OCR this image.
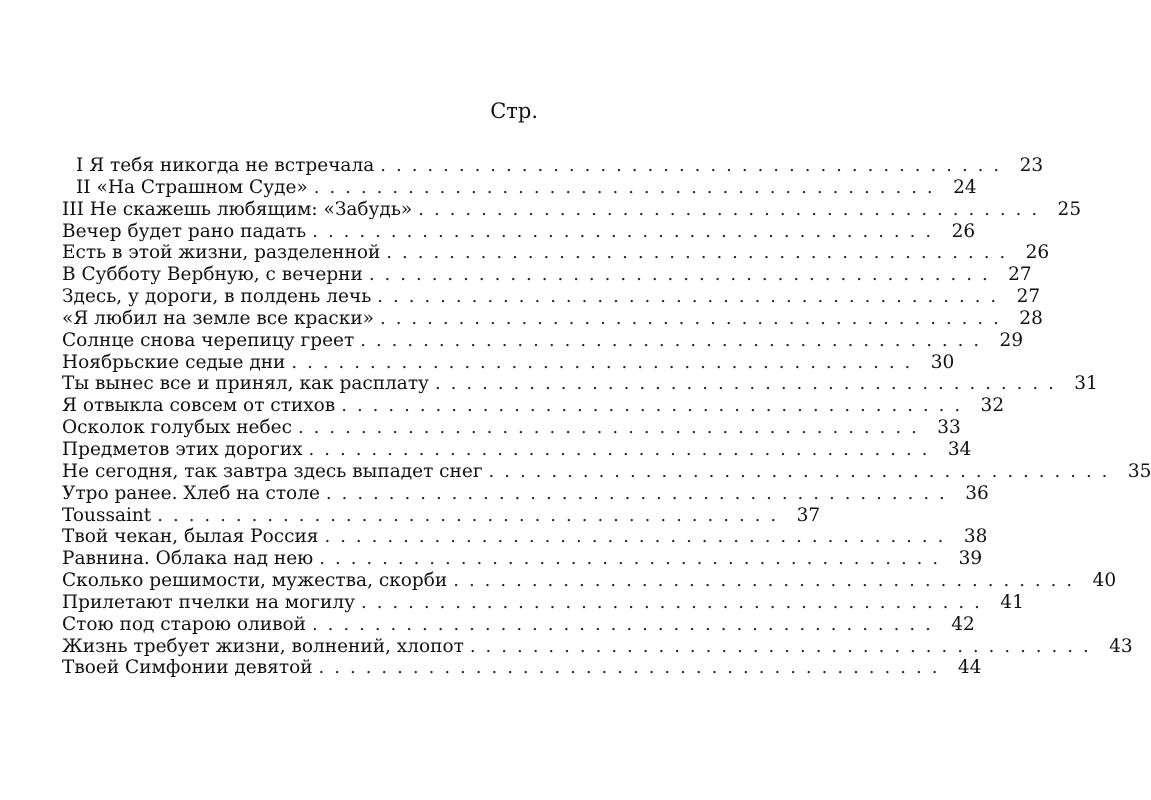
Стр.
I Я тебя никогда не встречала ........................................ 23
II «На Страшном Суде» ........................................ 24
III Не скажешь любящим: «Забудь» ........................................ 25
Вечер будет рано падать ........................................ 26
Есть в этой жизни, разделенной ........................................ 26
В Субботу Вербную, с вечерни ........................................ 27
Здесь, у дороги, в полдень лечь ........................................ 27
«Я любил на земле все краски» ........................................ 28
Солнце снова черепицу греет ........................................ 29
Ноябрьские седые дни ........................................ 30
Ты вынес все и принял, как расплату ........................................ 31
Я отвыкла совсем от стихов ........................................ 32
Осколок голубых небес ........................................ 33
Предметов этих дорогих ........................................ 34
Не сегодня, так завтра здесь выпадет снег ........................................ 35
Утро ранее. Хлеб на столе ........................................ 36
Toussaint ........................................ 37
Твой чекан, былая Россия ........................................ 38
Равнина. Облака над нею ........................................ 39
Сколько решимости, мужества, скорби ........................................ 40
Прилетают пчелки на могилу ........................................ 41
Стою под старою оливой ........................................ 42
Жизнь требует жизни, волнений, хлопот ........................................ 43
Твоей Симфонии девятой ........................................ 44
